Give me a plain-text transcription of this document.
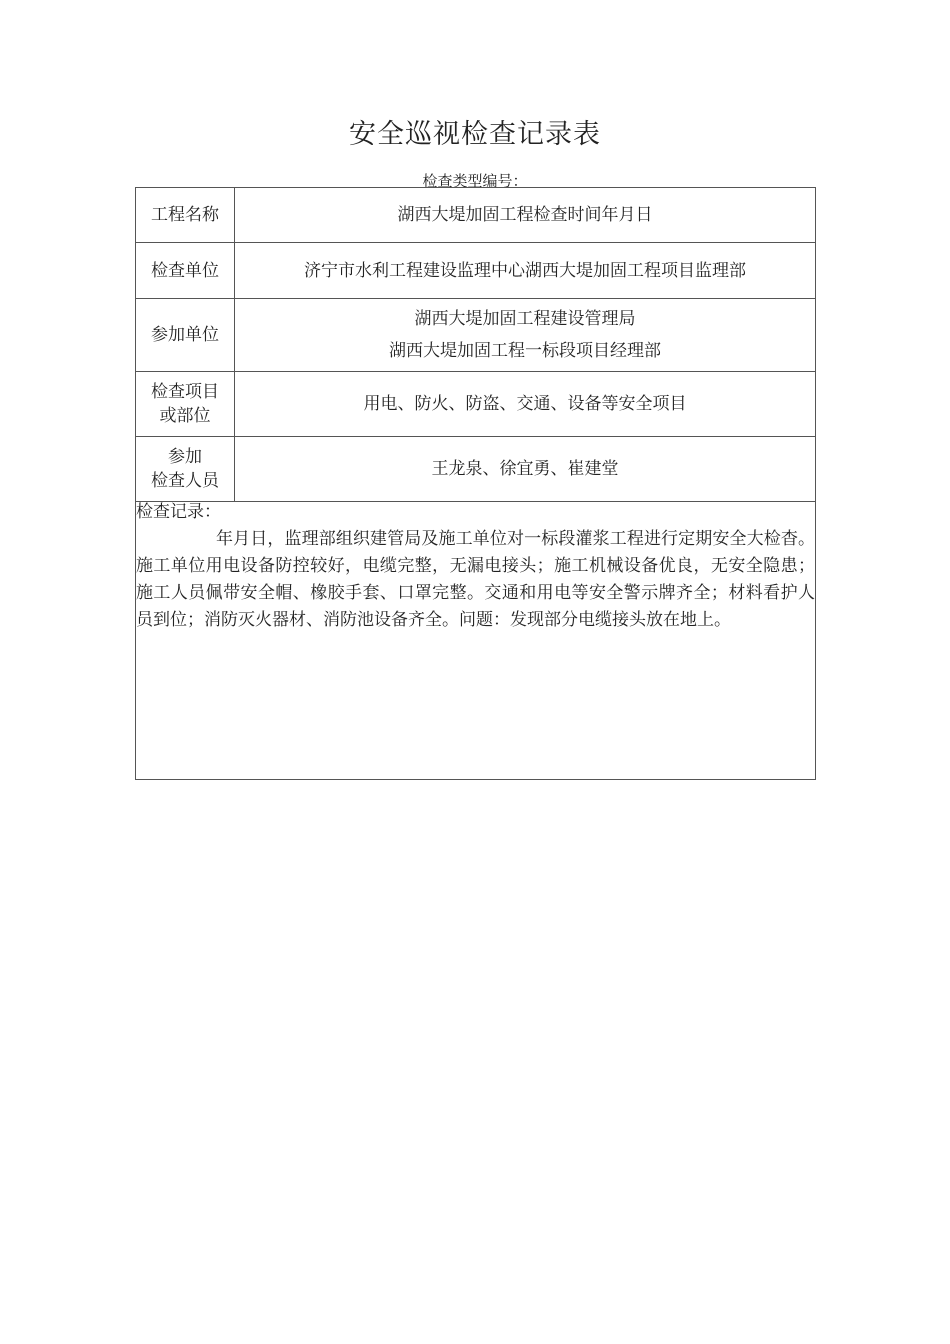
安全巡视检查记录表
检查类型编号：
工程名称	湖西大堤加固工程检查时间年月日
检查单位	济宁市水利工程建设监理中心湖西大堤加固工程项目监理部
参加单位	湖西大堤加固工程建设管理局
湖西大堤加固工程一标段项目经理部

检查项目
或部位	用电、防火、防盗、交通、设备等安全项目

参加
检查人员	王龙泉、徐宜勇、崔建堂

检查记录：
年月日，监理部组织建管局及施工单位对一标段灌浆工程进行定期安全大检杳。施工单位用电设备防控较好，电缆完整，无漏电接头；施工机械设备优良，无安全隐患；施工人员佩带安全帽、橡胶手套、口罩完整。交通和用电等安全警示牌齐全；材料看护人员到位；消防灭火器材、消防池设备齐全。问题：发现部分电缆接头放在地上。	
